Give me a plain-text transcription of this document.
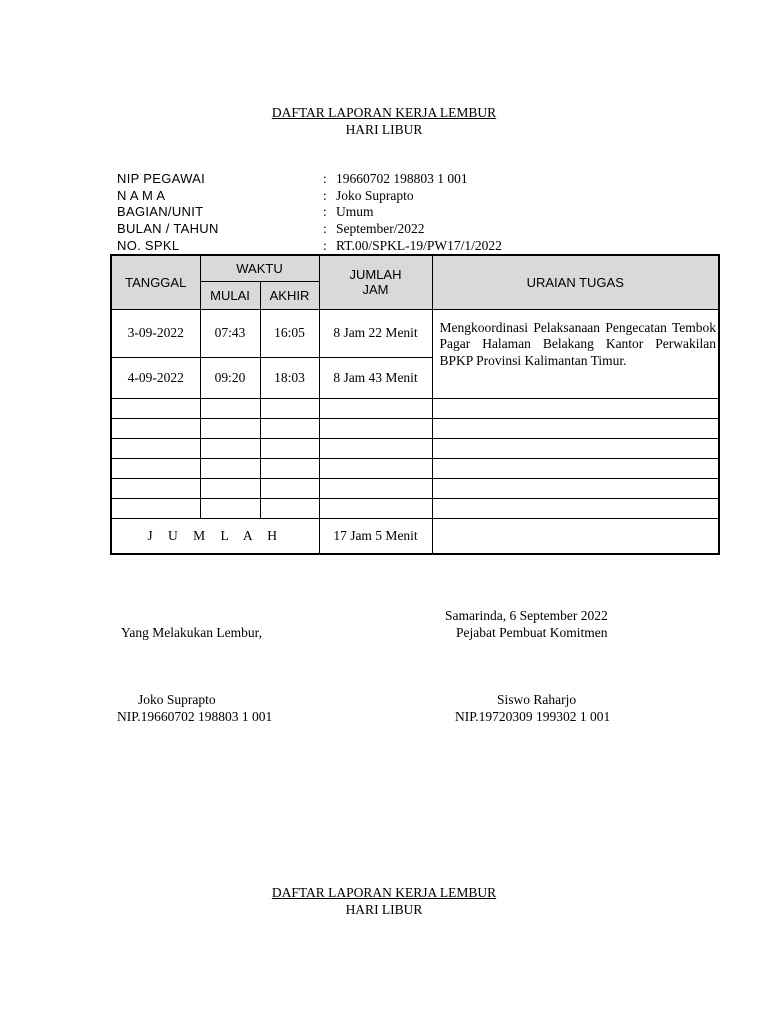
DAFTAR LAPORAN KERJA LEMBUR
HARI LIBUR
NIP PEGAWAI	: 19660702 198803 1 001
N A M A	: Joko Suprapto
BAGIAN/UNIT	: Umum
BULAN / TAHUN	: September/2022
NO. SPKL	: RT.00/SPKL-19/PW17/1/2022
TANGGAL	WAKTU		JUMLAH JAM	URAIAN TUGAS
	MULAI	AKHIR		
3-09-2022	07:43	16:05	8 Jam 22 Menit	Mengkoordinasi Pelaksanaan Pengecatan Tembok Pagar Halaman Belakang Kantor Perwakilan BPKP Provinsi Kalimantan Timur.
4-09-2022	09:20	18:03	8 Jam 43 Menit	

J U M L A H			17 Jam 5 Menit	
Samarinda, 6 September 2022
Yang Melakukan Lembur,	Pejabat Pembuat Komitmen
Joko Suprapto
NIP.19660702 198803 1 001
Siswo Raharjo
NIP.19720309 199302 1 001
DAFTAR LAPORAN KERJA LEMBUR
HARI LIBUR
